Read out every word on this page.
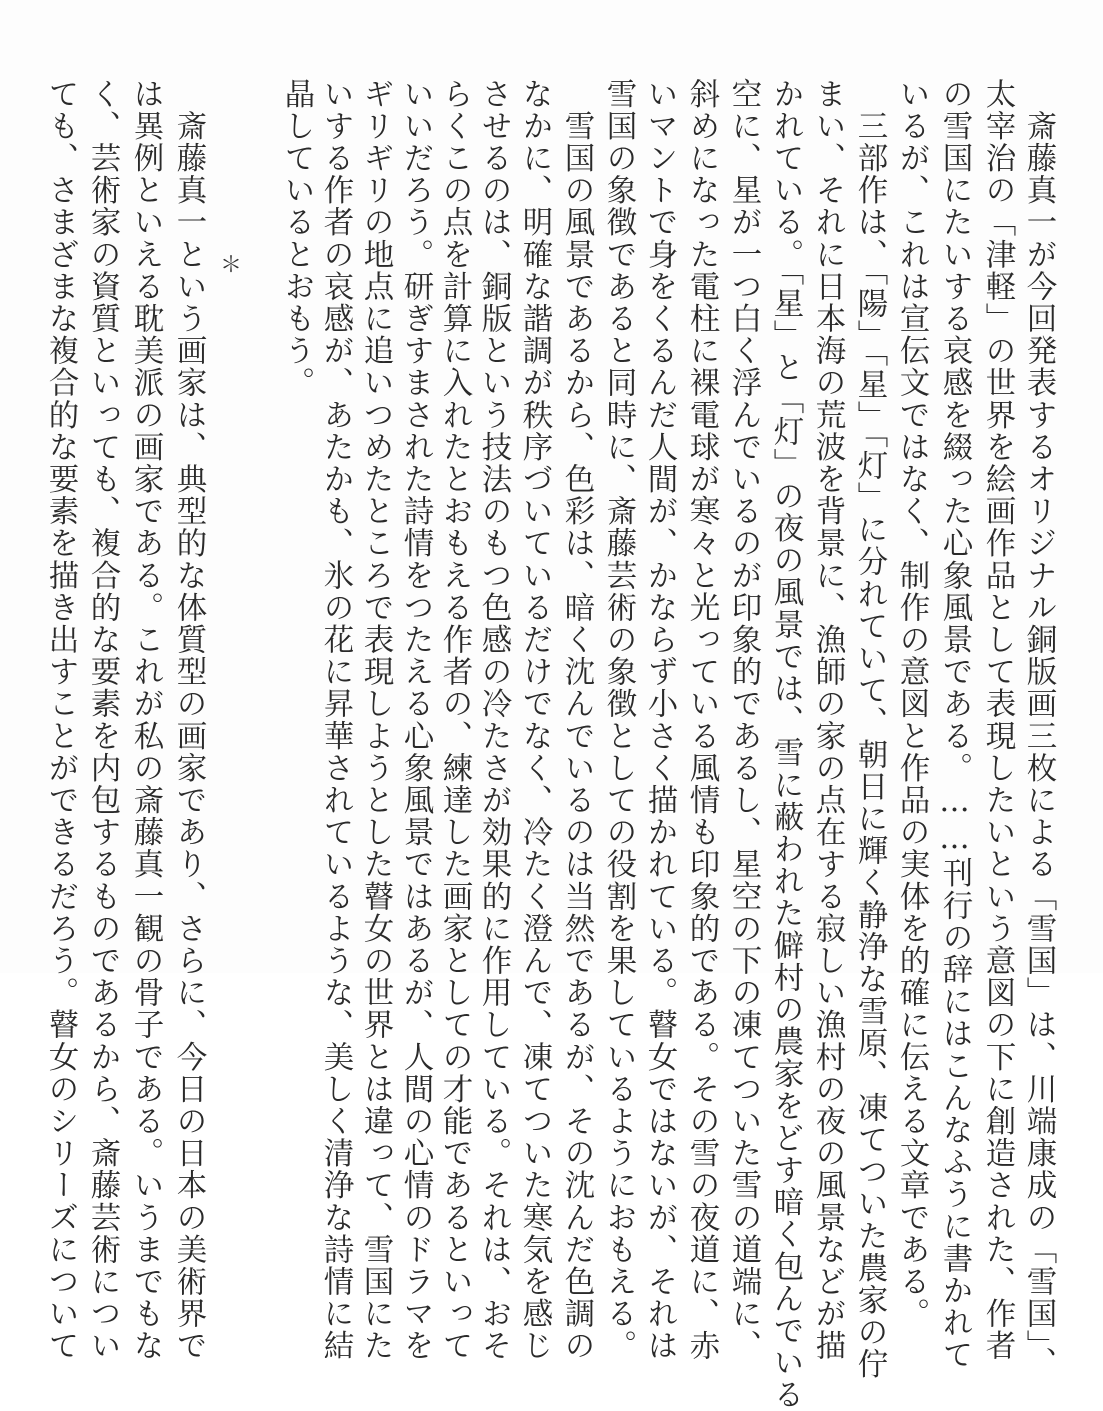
　斎藤真一が今回発表するオリジナル銅版画三枚による「雪国」は、川端康成の「雪国」、
太宰治の「津軽」の世界を絵画作品として表現したいという意図の下に創造された、作者
の雪国にたいする哀感を綴った心象風景である。……刊行の辞にはこんなふうに書かれて
いるが、これは宣伝文ではなく、制作の意図と作品の実体を的確に伝える文章である。
　三部作は、「陽」「星」「灯」に分れていて、朝日に輝く静浄な雪原、凍てついた農家の佇
まい、それに日本海の荒波を背景に、漁師の家の点在する寂しい漁村の夜の風景などが描
かれている。「星」と「灯」の夜の風景では、雪に蔽われた僻村の農家をどす暗く包んでいる
空に、星が一つ白く浮んでいるのが印象的であるし、星空の下の凍てついた雪の道端に、
斜めになった電柱に裸電球が寒々と光っている風情も印象的である。その雪の夜道に、赤
いマントで身をくるんだ人間が、かならず小さく描かれている。瞽女ではないが、それは
雪国の象徴であると同時に、斎藤芸術の象徴としての役割を果しているようにおもえる。
　雪国の風景であるから、色彩は、暗く沈んでいるのは当然であるが、その沈んだ色調の
なかに、明確な諧調が秩序づいているだけでなく、冷たく澄んで、凍てついた寒気を感じ
させるのは、銅版という技法のもつ色感の冷たさが効果的に作用している。それは、おそ
らくこの点を計算に入れたとおもえる作者の、練達した画家としての才能であるといって
いいだろう。研ぎすまされた詩情をつたえる心象風景ではあるが、人間の心情のドラマを
ギリギリの地点に追いつめたところで表現しようとした瞽女の世界とは違って、雪国にた
いする作者の哀感が、あたかも、氷の花に昇華されているような、美しく清浄な詩情に結
晶しているとおもう。
＊
　斎藤真一という画家は、典型的な体質型の画家であり、さらに、今日の日本の美術界で
は異例といえる耽美派の画家である。これが私の斎藤真一観の骨子である。いうまでもな
く、芸術家の資質といっても、複合的な要素を内包するものであるから、斎藤芸術につい
ても、さまざまな複合的な要素を描き出すことができるだろう。瞽女のシリーズについて
